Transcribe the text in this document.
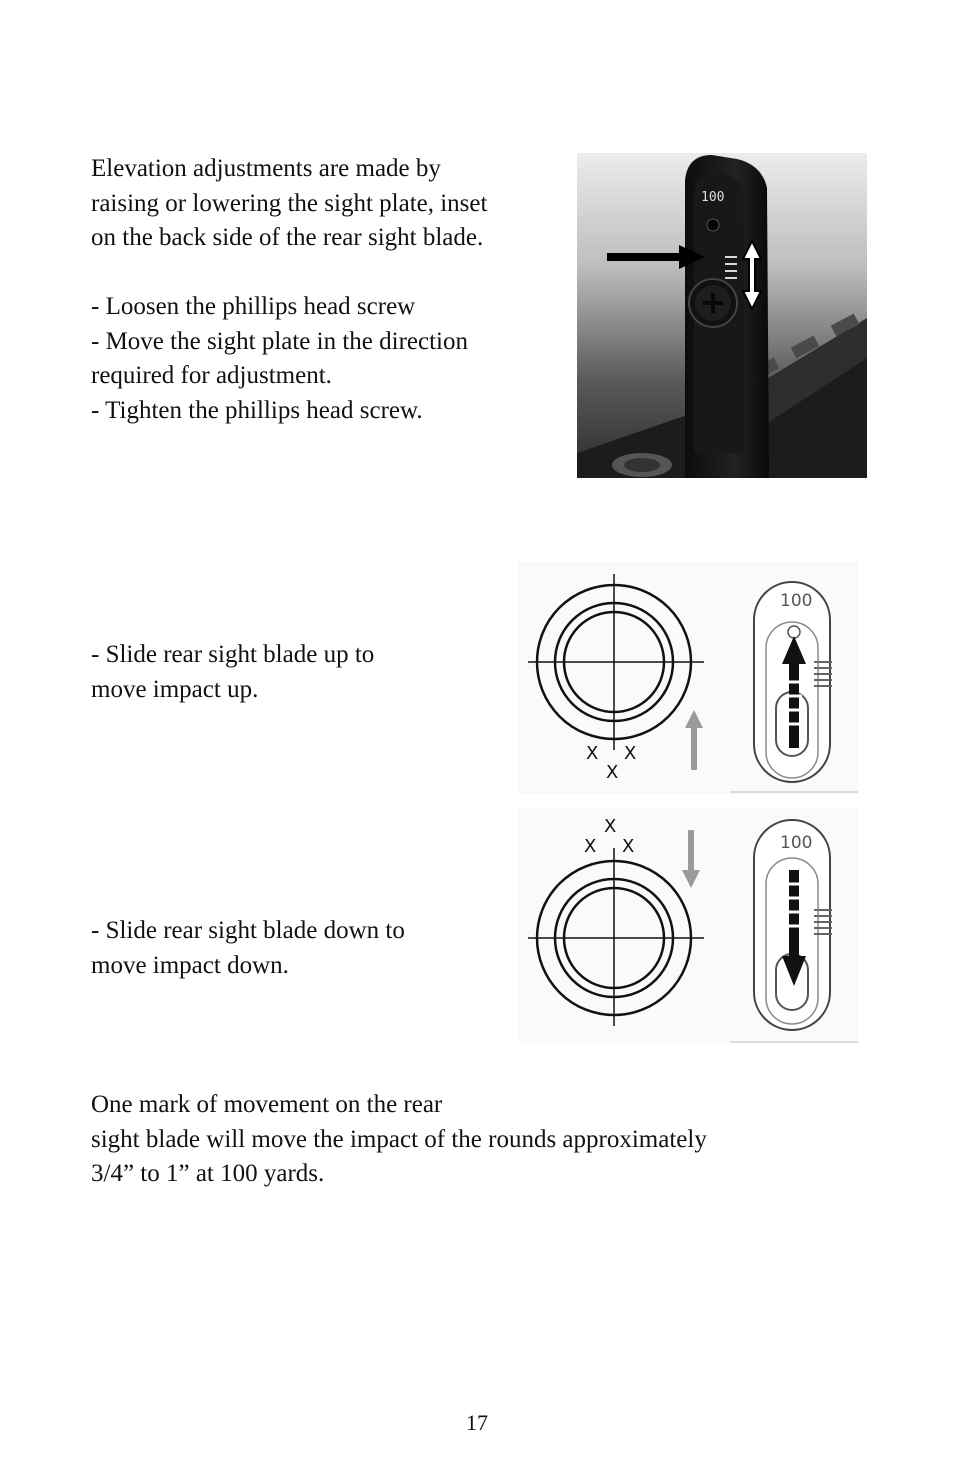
Elevation adjustments are made by
raising or lowering the sight plate, inset
on the back side of the rear sight blade.
- Loosen the phillips head screw
- Move the sight plate in the direction
required for adjustment.
- Tighten the phillips head screw.
100
- Slide rear sight blade up to
move impact up.
X X
X
100
X
X X	100
- Slide rear sight blade down to
move impact down.
One mark of movement on the rear
sight blade will move the impact of the rounds approximately
3/4” to 1” at 100 yards.
17
